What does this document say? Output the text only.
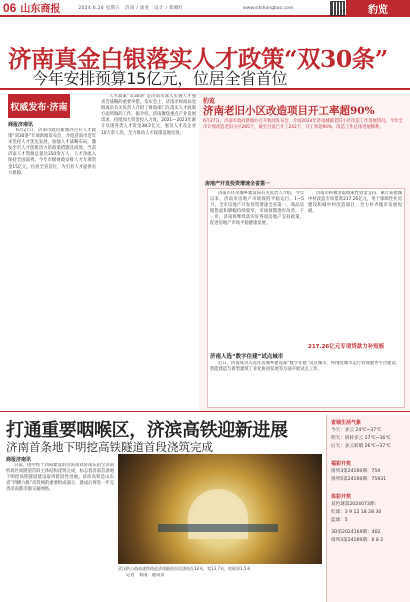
06 山东商报	2024.6.28 星期五　济南 / 深度　设计 / 郑娜红	www.sdshangbao.com	豹览
济南真金白银落实人才政策“双30条”
今年安排预算15亿元，位居全省首位
权威发布·济南
商报济南讯

6月27日，济南市政府新闻办召开人才政策“双30条”专项新闻发布会，介绍济南市近年来坚持人才优先发展，加强人才战略布局，激发全市人才创新活力的政策措施及成效。当前济南人才资源总量达350余万人，人才净流入保持全国前列。今年市级财政安排人才专项资金15亿元，位居全省首位，为引育人才提供有力保障。

人才政策“双30条”是济南市深入实施人才强省会战略的重要举措。发布会上，济南市财政局党组成员有关负责人介绍了财政部门在落实人才政策方面所做的工作。据介绍，济南聚焦重点产业发展需求，持续加大资金投入力度，2021—2023年累计兑现各类人才资金38.2亿元，惠及人才及企业10万余人次，全力推动人才政策落地见效。

豹览
济南老旧小区改造项目开工率超90%
6月27日，济南市政府新闻办召开新闻发布会，介绍2024年济南城镇老旧小区改造工作进展情况。今年全市计划改造老旧小区265个，截至目前已开工242个，开工率超90%，改造工作总体进展顺利。
房地产开发投资增速全省第一

济南市住房城乡建设局有关负责人介绍，今年以来，济南市房地产市场保持平稳运行。1—5月，全市房地产开发投资增速全省第一，商品房销售面积降幅持续收窄，市场预期逐步改善。下一步，济南将继续落实好各项房地产支持政策，促进房地产市场平稳健康发展。

217.26亿元专项贷款力补短板

济南市积极争取政策性资金支持，累计获批城中村改造专项借款217.26亿元，用于保障性住房建设和城中村改造项目，全力补齐城市发展短板。

济南人选“数字住建”试点城市

近日，济南成功入选住房城乡建设部“数字住建”试点城市，将围绕城市运行管理服务平台建设、智能建造与新型建筑工业化协同发展等方面开展试点工作。

打通重要咽喉区，济滨高铁迎新进展
济南首条地下明挖高铁隧道首段浇筑完成
商报济南讯

日前，由中铁十四局建设的济滨高铁济南东站至济南机场区间隧道首段主体结构浇筑完成，标志着济南首条地下明挖高铁隧道建设取得阶段性进展。济滨高铁是山东省“四横六纵”高铁网的重要组成部分，建成后将进一步完善济南都市圈交通网络。

武汉供公路高速铁路进济南隧道首段浇筑在12米，宽13.7米，底板厚1.5米

记者　刘南　通讯员

省城生活气象
今天：多云 24℃~37℃
明天：阴转多云 27℃~36℃
后天：多云转晴 26℃~37℃
福彩开奖
排列3第24169期：759
排列5第24169期：75931
体彩开奖
双色球第2024073期：
红球：3 9 12 18 28 30
蓝球：5
3D第2024169期：402
排列3第24169期：6 8 2
